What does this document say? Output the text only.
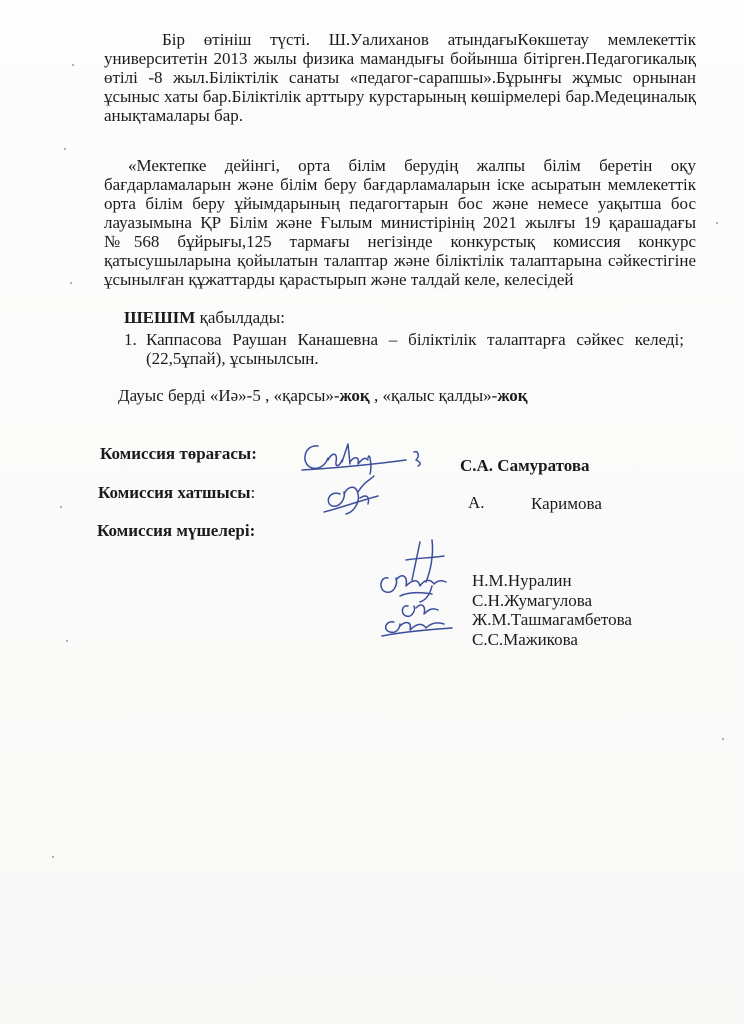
Бір өтініш түсті. Ш.Уалиханов атындағыКөкшетау мемлекеттік университетін 2013 жылы физика мамандығы бойынша бітірген.Педагогикалық өтілі -8 жыл.Біліктілік санаты «педагог-сарапшы».Бұрынғы жұмыс орнынан ұсыныс хаты бар.Біліктілік арттыру курстарының көшірмелері бар.Медециналық анықтамалары бар.

«Мектепке дейінгі, орта білім берудің жалпы білім беретін оқу бағдарламаларын және білім беру бағдарламаларын іске асыратын мемлекеттік орта білім беру ұйымдарының педагогтарын бос және немесе уақытша бос лауазымына ҚР Білім және Ғылым министірінің 2021 жылғы 19 қарашадағы №568 бұйрығы,125 тармағы негізінде конкурстық комиссия конкурс қатысушыларына қойылатын талаптар және біліктілік талаптарына сәйкестігіне ұсынылған құжаттарды қарастырып және талдай келе, келесідей

ШЕШІМ қабылдады:
1. Каппасова Раушан Канашевна – біліктілік талаптарға сәйкес келеді;(22,5ұпай), ұсынылсын.
Дауыс берді «Иә»-5 , «қарсы»-жоқ , «қалыс қалды»-жоқ
Комиссия төрағасы:
Комиссия хатшысы:
Комиссия мүшелері:
С.А. Самуратова
А.	Каримова
Н.М.Нуралин
С.Н.Жумагулова
Ж.М.Ташмагамбетова
С.С.Мажикова
